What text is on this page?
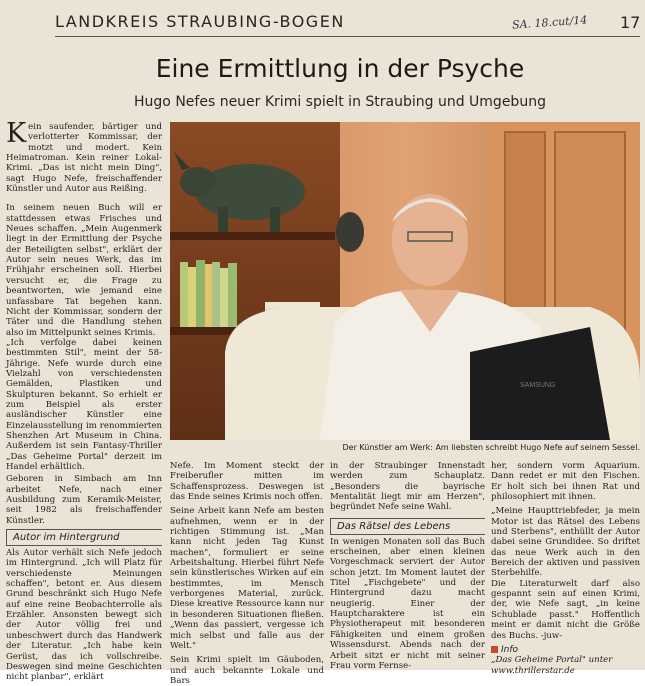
LANDKREIS STRAUBING-BOGEN	SA. 18.cut/14 17
Eine Ermittlung in der Psyche
Hugo Nefes neuer Krimi spielt in Straubing und Umgebung

Kein saufender, bärtiger und verlotterter Kommissar, der motzt und modert. Kein Heimatroman. Kein reiner Lokal-Krimi. „Das ist nicht mein Ding", sagt Hugo Nefe, freischaffender Künstler und Autor aus Reißing.

In seinem neuen Buch will er stattdessen etwas Frisches und Neues schaffen. „Mein Augenmerk liegt in der Ermittlung der Psyche der Beteiligten selbst", erklärt der Autor sein neues Werk, das im Frühjahr erscheinen soll. Hierbei versucht er, die Frage zu beantworten, wie jemand eine unfassbare Tat begehen kann. Nicht der Kommissar, sondern der Täter und die Handlung stehen also im Mittelpunkt seines Krimis.

„Ich verfolge dabei keinen bestimmten Stil", meint der 58-Jährige. Nefe wurde durch eine Vielzahl von verschiedensten Gemälden, Plastiken und Skulpturen bekannt. So erhielt er zum Beispiel als erster ausländischer Künstler eine Einzelausstellung im renommierten Shenzhen Art Museum in China. Außerdem ist sein Fantasy-Thriller „Das Geheime Portal" derzeit im Handel erhältlich.

Geboren in Simbach am Inn arbeitet Nefe, nach einer Ausbildung zum Keramik-Meister, seit 1982 als freischaffender Künstler.

Autor im Hintergrund

Als Autor verhält sich Nefe jedoch im Hintergrund. „Ich will Platz für verschiedenste Meinungen schaffen", betont er. Aus diesem Grund beschränkt sich Hugo Nefe auf eine reine Beobachterrolle als Erzähler. Ansonsten bewegt sich der Autor völlig frei und unbeschwert durch das Handwerk der Literatur. „Ich habe kein Gerüst, das ich vollschreibe. Deswegen sind meine Geschichten nicht planbar", erklärt

SAMSUNG
Der Künstler am Werk: Am liebsten schreibt Hugo Nefe auf seinem Sessel.

Nefe. Im Moment steckt der Freiberufler mitten im Schaffensprozess. Deswegen ist das Ende seines Krimis noch offen.

Seine Arbeit kann Nefe am besten aufnehmen, wenn er in der richtigen Stimmung ist. „Man kann nicht jeden Tag Kunst machen", formuliert er seine Arbeitshaltung. Hierbei führt Nefe sein künstlerisches Wirken auf ein bestimmtes, im Mensch verborgenes Material, zurück. Diese kreative Ressource kann nur in besonderen Situationen fließen. „Wenn das passiert, vergesse ich mich selbst und falle aus der Welt."

Sein Krimi spielt im Gäuboden, und auch bekannte Lokale und Bars

in der Straubinger Innenstadt werden zum Schauplatz. „Besonders die bayrische Mentalität liegt mir am Herzen", begründet Nefe seine Wahl.

Das Rätsel des Lebens

In wenigen Monaten soll das Buch erscheinen, aber einen kleinen Vorgeschmack serviert der Autor schon jetzt. Im Moment lautet der Titel „Fischgebete" und der Hintergrund dazu macht neugierig. Einer der Hauptcharaktere ist ein Physiotherapeut mit besonderen Fähigkeiten und einem großen Wissensdurst. Abends nach der Arbeit sitzt er nicht mit seiner Frau vorm Fernse-

her, sondern vorm Aquarium. Dann redet er mit den Fischen. Er holt sich bei ihnen Rat und philosophiert mit ihnen.

„Meine Haupttriebfeder, ja mein Motor ist das Rätsel des Lebens und Sterbens", enthüllt der Autor dabei seine Grundidee. So driftet das neue Werk auch in den Bereich der aktiven und passiven Sterbehilfe.

Die Literaturwelt darf also gespannt sein auf einen Krimi, der, wie Nefe sagt, „in keine Schublade passt." Hoffentlich meint er damit nicht die Größe des Buchs. -juw-

Info
„Das Geheime Portal" unter
www.thrillerstar.de
